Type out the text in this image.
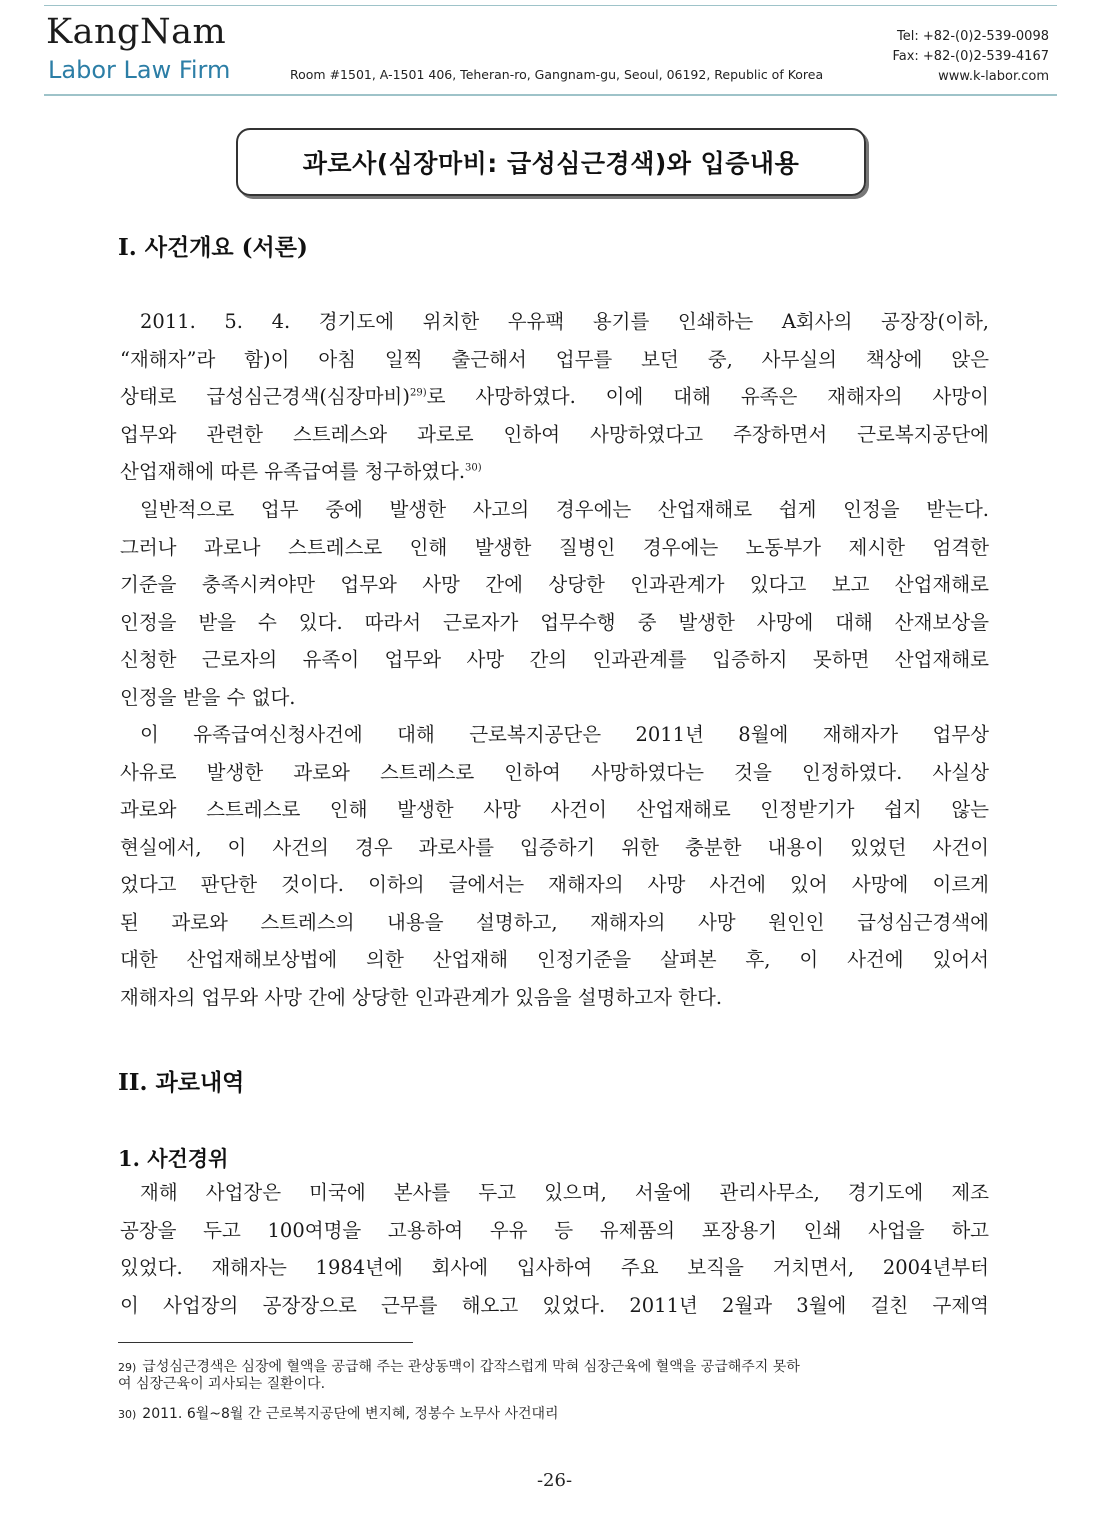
KangNam

Labor Law Firm	Room #1501, A-1501 406, Teheran-ro, Gangnam-gu, Seoul, 06192, Republic of Korea

Tel: +82-(0)2-539-0098
Fax: +82-(0)2-539-4167
www.k-labor.com
과로사(심장마비: 급성심근경색)와 입증내용
I. 사건개요 (서론)
2011. 5. 4. 경기도에 위치한 우유팩 용기를 인쇄하는 A회사의 공장장(이하,
“재해자”라 함)이 아침 일찍 출근해서 업무를 보던 중, 사무실의 책상에 앉은
상태로 급성심근경색(심장마비)$^{29)}$로 사망하였다. 이에 대해 유족은 재해자의 사망이
업무와 관련한 스트레스와 과로로 인하여 사망하였다고 주장하면서 근로복지공단에
산업재해에 따른 유족급여를 청구하였다.$^{30)}$
일반적으로 업무 중에 발생한 사고의 경우에는 산업재해로 쉽게 인정을 받는다.
그러나 과로나 스트레스로 인해 발생한 질병인 경우에는 노동부가 제시한 엄격한
기준을 충족시켜야만 업무와 사망 간에 상당한 인과관계가 있다고 보고 산업재해로
인정을 받을 수 있다. 따라서 근로자가 업무수행 중 발생한 사망에 대해 산재보상을
신청한 근로자의 유족이 업무와 사망 간의 인과관계를 입증하지 못하면 산업재해로
인정을 받을 수 없다.
이 유족급여신청사건에 대해 근로복지공단은 2011년 8월에 재해자가 업무상
사유로 발생한 과로와 스트레스로 인하여 사망하였다는 것을 인정하였다. 사실상
과로와 스트레스로 인해 발생한 사망 사건이 산업재해로 인정받기가 쉽지 않는
현실에서, 이 사건의 경우 과로사를 입증하기 위한 충분한 내용이 있었던 사건이
었다고 판단한 것이다. 이하의 글에서는 재해자의 사망 사건에 있어 사망에 이르게
된 과로와 스트레스의 내용을 설명하고, 재해자의 사망 원인인 급성심근경색에
대한 산업재해보상법에 의한 산업재해 인정기준을 살펴본 후, 이 사건에 있어서
재해자의 업무와 사망 간에 상당한 인과관계가 있음을 설명하고자 한다.
II. 과로내역
1. 사건경위
재해 사업장은 미국에 본사를 두고 있으며, 서울에 관리사무소, 경기도에 제조
공장을 두고 100여명을 고용하여 우유 등 유제품의 포장용기 인쇄 사업을 하고
있었다. 재해자는 1984년에 회사에 입사하여 주요 보직을 거치면서, 2004년부터
이 사업장의 공장장으로 근무를 해오고 있었다. 2011년 2월과 3월에 걸친 구제역
29) 급성심근경색은 심장에 혈액을 공급해 주는 관상동맥이 갑작스럽게 막혀 심장근육에 혈액을 공급해주지 못하
여 심장근육이 괴사되는 질환이다.
30) 2011. 6월~8월 간 근로복지공단에 변지혜, 정봉수 노무사 사건대리

-26-
